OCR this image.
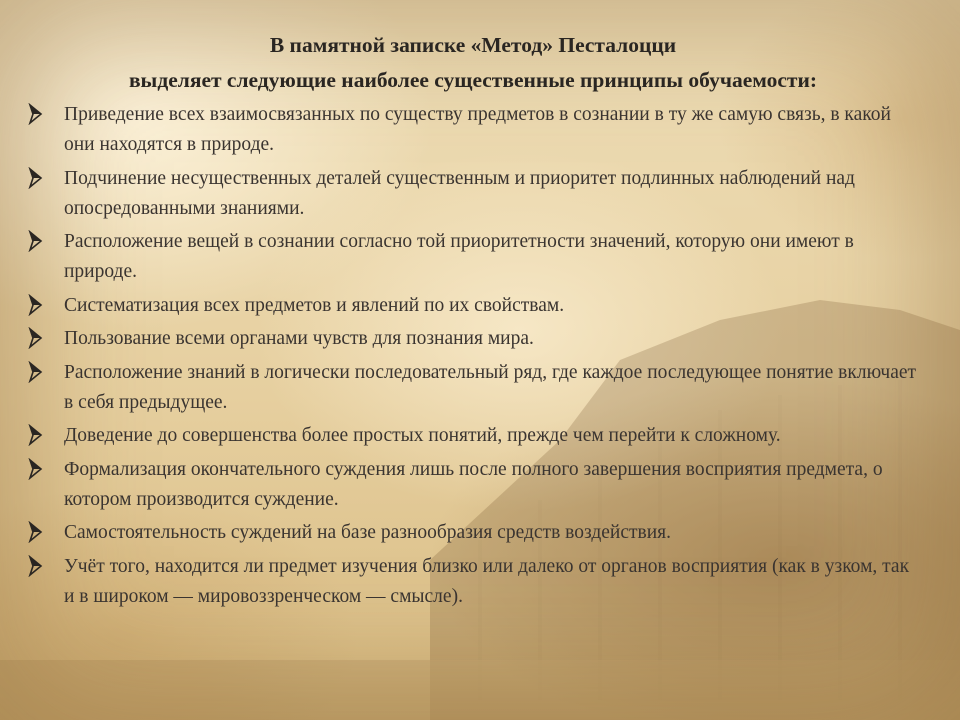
В памятной записке «Метод» Песталоцци
выделяет следующие наиболее существенные принципы обучаемости:
Приведение всех взаимосвязанных по существу предметов в сознании в ту же самую связь, в какой они находятся в природе.
Подчинение несущественных деталей существенным и приоритет подлинных наблюдений над опосредованными знаниями.
Расположение вещей в сознании согласно той приоритетности значений, которую они имеют в природе.
Систематизация всех предметов и явлений по их свойствам.
Пользование всеми органами чувств для познания мира.
Расположение знаний в логически последовательный ряд, где каждое последующее понятие включает в себя предыдущее.
Доведение до совершенства более простых понятий, прежде чем перейти к сложному.
Формализация окончательного суждения лишь после полного завершения восприятия предмета, о котором производится суждение.
Самостоятельность суждений на базе разнообразия средств воздействия.
Учёт того, находится ли предмет изучения близко или далеко от органов восприятия (как в узком, так и в широком — мировоззренческом — смысле).
